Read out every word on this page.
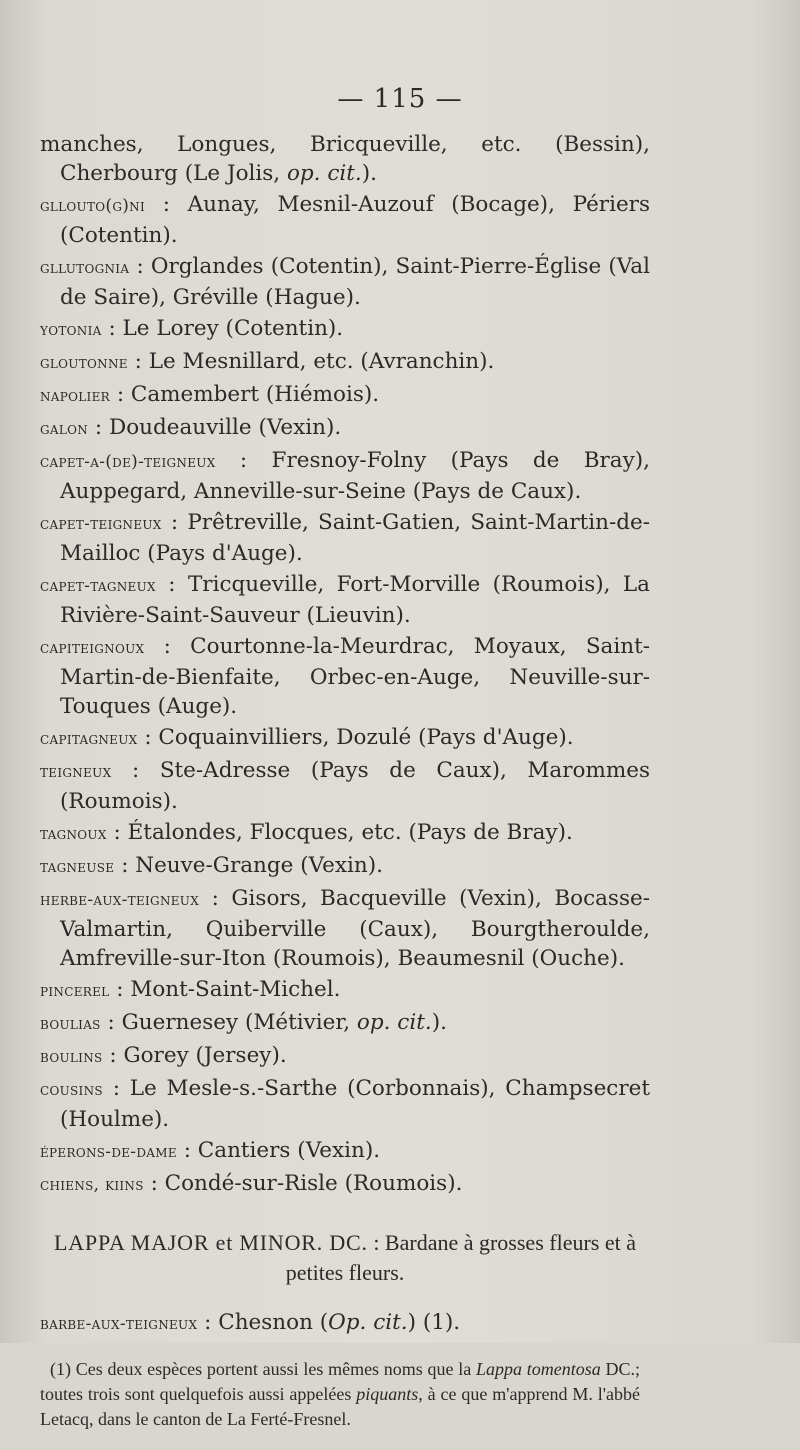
— 115 —

manches, Longues, Bricqueville, etc. (Bessin), Cherbourg (Le Jolis, op. cit.).

gllouto(g)ni : Aunay, Mesnil-Auzouf (Bocage), Périers (Cotentin).

gllutognia : Orglandes (Cotentin), Saint-Pierre-Église (Val de Saire), Gréville (Hague).

yotonia : Le Lorey (Cotentin).

gloutonne : Le Mesnillard, etc. (Avranchin).

napolier : Camembert (Hiémois).

galon : Doudeauville (Vexin).

capet-a-(de)-teigneux : Fresnoy-Folny (Pays de Bray), Auppegard, Anneville-sur-Seine (Pays de Caux).

capet-teigneux : Prêtreville, Saint-Gatien, Saint-Martin-de-Mailloc (Pays d'Auge).

capet-tagneux : Tricqueville, Fort-Morville (Roumois), La Rivière-Saint-Sauveur (Lieuvin).

capiteignoux : Courtonne-la-Meurdrac, Moyaux, Saint-Martin-de-Bienfaite, Orbec-en-Auge, Neuville-sur-Touques (Auge).

capitagneux : Coquainvilliers, Dozulé (Pays d'Auge).

teigneux : Ste-Adresse (Pays de Caux), Marommes (Roumois).

tagnoux : Étalondes, Flocques, etc. (Pays de Bray).

tagneuse : Neuve-Grange (Vexin).

herbe-aux-teigneux : Gisors, Bacqueville (Vexin), Bocasse-Valmartin, Quiberville (Caux), Bourgtheroulde, Amfreville-sur-Iton (Roumois), Beaumesnil (Ouche).

pincerel : Mont-Saint-Michel.

boulias : Guernesey (Métivier, op. cit.).

boulins : Gorey (Jersey).

cousins : Le Mesle-s.-Sarthe (Corbonnais), Champsecret (Houlme).

éperons-de-dame : Cantiers (Vexin).

chiens, kiins : Condé-sur-Risle (Roumois).

LAPPA MAJOR et MINOR. DC. : Bardane à grosses fleurs et à petites fleurs.

barbe-aux-teigneux : Chesnon (Op. cit.) (1).

(1) Ces deux espèces portent aussi les mêmes noms que la Lappa tomentosa DC.; toutes trois sont quelquefois aussi appelées piquants, à ce que m'apprend M. l'abbé Letacq, dans le canton de La Ferté-Fresnel.
